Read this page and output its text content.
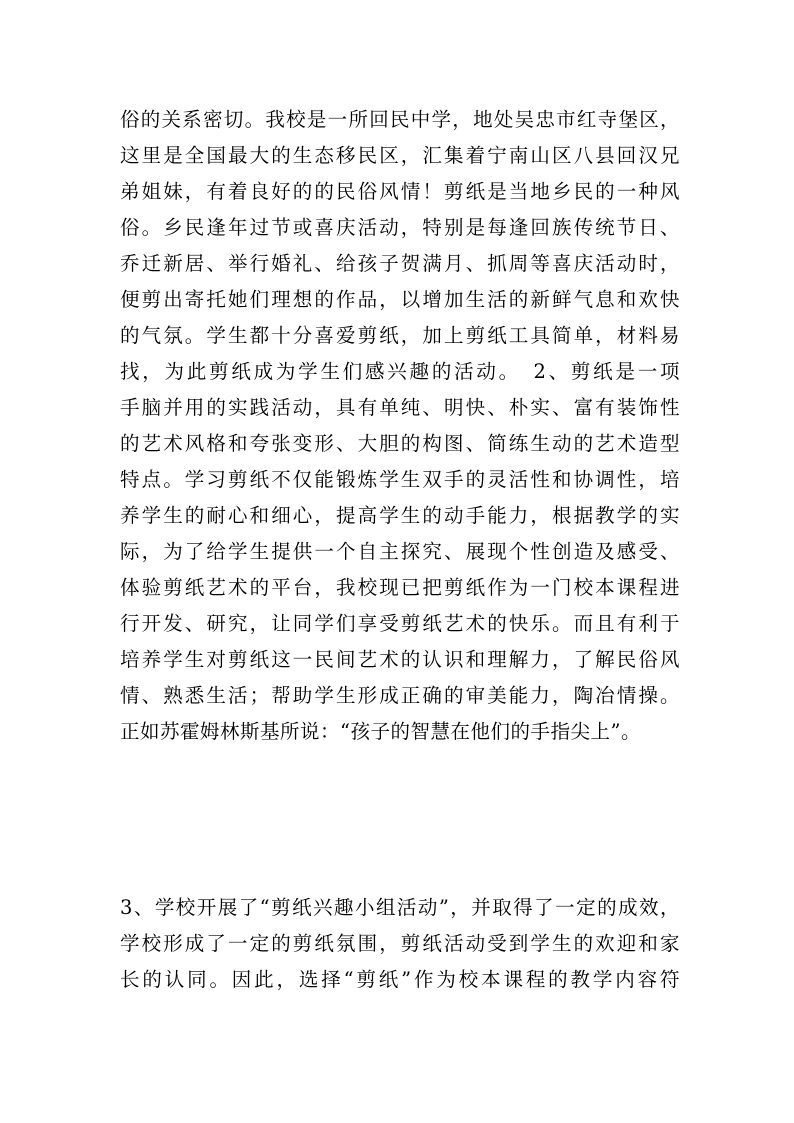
俗的关系密切。我校是一所回民中学，地处吴忠市红寺堡区，
这里是全国最大的生态移民区，汇集着宁南山区八县回汉兄
弟姐妹，有着良好的的民俗风情！剪纸是当地乡民的一种风
俗。乡民逢年过节或喜庆活动，特别是每逢回族传统节日、
乔迁新居、举行婚礼、给孩子贺满月、抓周等喜庆活动时，
便剪出寄托她们理想的作品，以增加生活的新鲜气息和欢快
的气氛。学生都十分喜爱剪纸，加上剪纸工具简单，材料易
找，为此剪纸成为学生们感兴趣的活动。　2、剪纸是一项
手脑并用的实践活动，具有单纯、明快、朴实、富有装饰性
的艺术风格和夸张变形、大胆的构图、简练生动的艺术造型
特点。学习剪纸不仅能锻炼学生双手的灵活性和协调性，培
养学生的耐心和细心，提高学生的动手能力，根据教学的实
际，为了给学生提供一个自主探究、展现个性创造及感受、
体验剪纸艺术的平台，我校现已把剪纸作为一门校本课程进
行开发、研究，让同学们享受剪纸艺术的快乐。而且有利于
培养学生对剪纸这一民间艺术的认识和理解力，了解民俗风
情、熟悉生活；帮助学生形成正确的审美能力，陶冶情操。
正如苏霍姆林斯基所说：“孩子的智慧在他们的手指尖上”。
3、学校开展了“剪纸兴趣小组活动”，并取得了一定的成效，
学校形成了一定的剪纸氛围，剪纸活动受到学生的欢迎和家
长的认同。因此，选择“剪纸”作为校本课程的教学内容符
